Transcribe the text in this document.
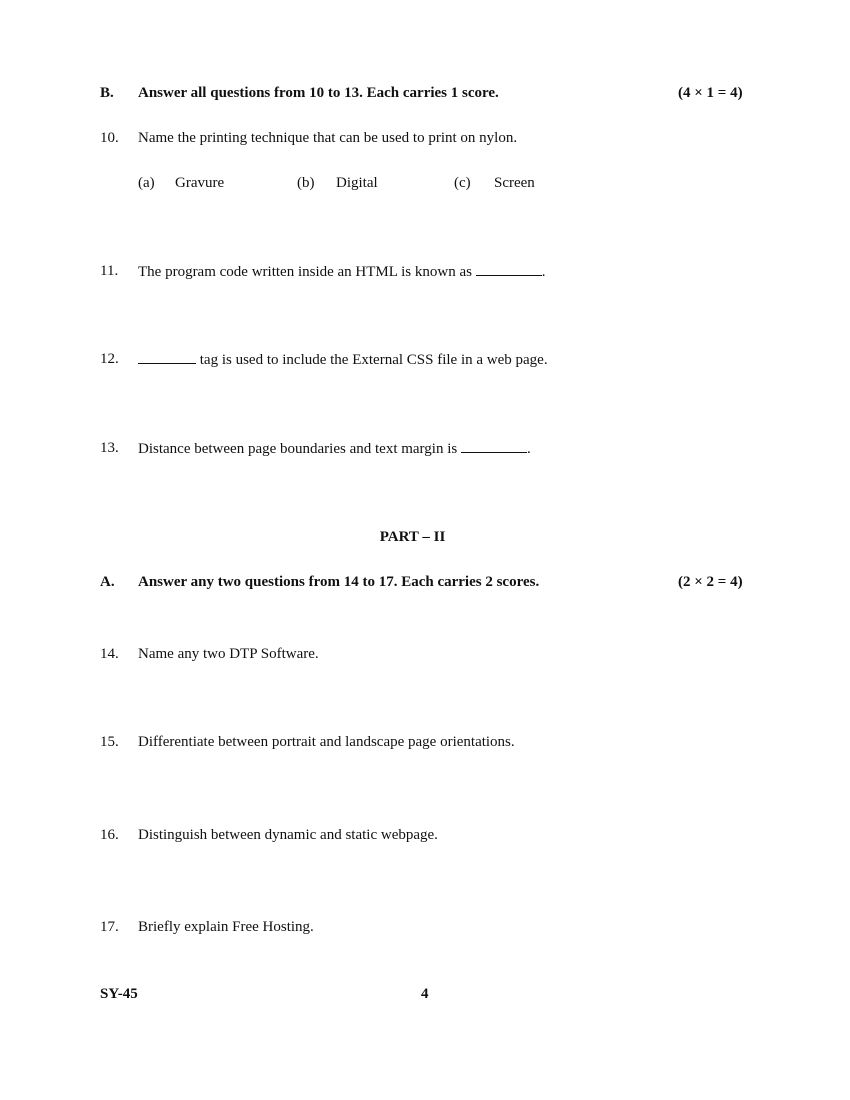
B. Answer all questions from 10 to 13. Each carries 1 score.	(4 × 1 = 4)
10. Name the printing technique that can be used to print on nylon.
(a) Gravure	(b) Digital	(c) Screen
11. The program code written inside an HTML is known as	.
12.	tag is used to include the External CSS file in a web page.
13. Distance between page boundaries and text margin is	.
PART – II
A. Answer any two questions from 14 to 17. Each carries 2 scores.	(2 × 2 = 4)
14. Name any two DTP Software.
15. Differentiate between portrait and landscape page orientations.
16. Distinguish between dynamic and static webpage.
17. Briefly explain Free Hosting.
SY-45	4
